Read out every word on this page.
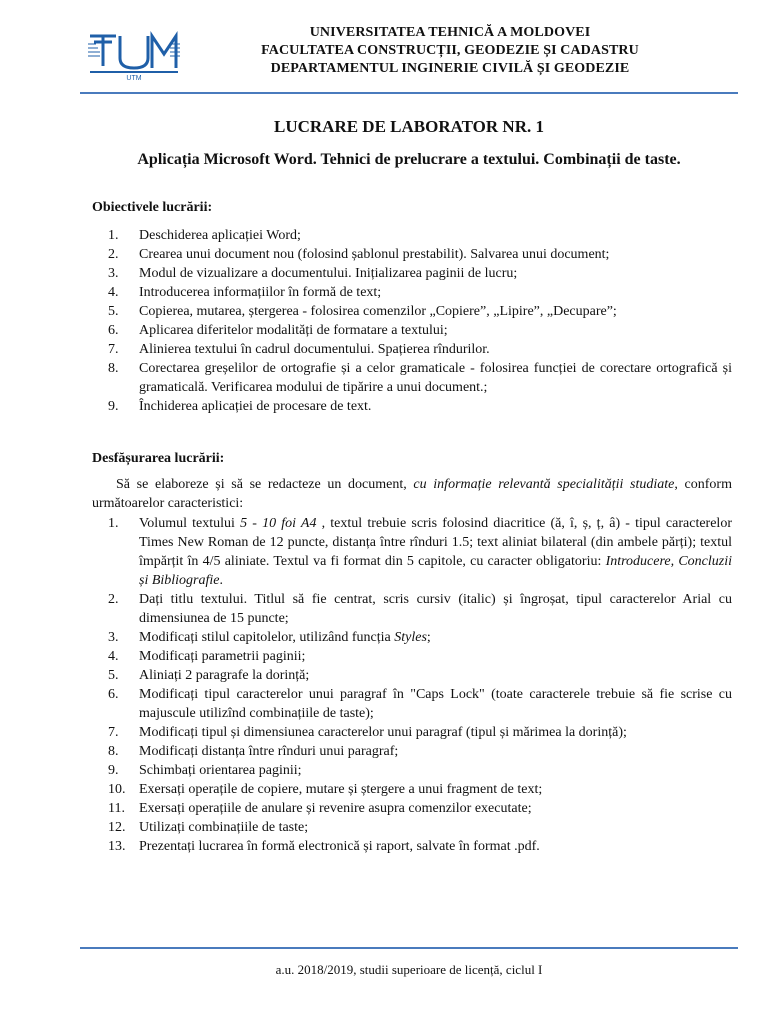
UTM
UNIVERSITATEA TEHNICĂ A MOLDOVEI
FACULTATEA CONSTRUCȚII, GEODEZIE ȘI CADASTRU
DEPARTAMENTUL INGINERIE CIVILĂ ȘI GEODEZIE
LUCRARE DE LABORATOR NR. 1
Aplicația Microsoft Word. Tehnici de prelucrare a textului. Combinații de taste.
Obiectivele lucrării:
1.	Deschiderea aplicației Word;
2.	Crearea unui document nou (folosind șablonul prestabilit). Salvarea unui document;
3.	Modul de vizualizare a documentului. Inițializarea paginii de lucru;
4.	Introducerea informațiilor în formă de text;
5.	Copierea, mutarea, ștergerea - folosirea comenzilor „Copiere”, „Lipire”, „Decupare”;
6.	Aplicarea diferitelor modalități de formatare a textului;
7.	Alinierea textului în cadrul documentului. Spațierea rîndurilor.
8.	Corectarea greșelilor de ortografie și a celor gramaticale - folosirea funcției de corectare ortografică și gramaticală. Verificarea modului de tipărire a unui document.;
9.	Închiderea aplicației de procesare de text.
Desfășurarea lucrării:

Să se elaboreze și să se redacteze un document, cu informație relevantă specialității studiate, conform următoarelor caracteristici:

1.	Volumul textului 5 - 10 foi A4 , textul trebuie scris folosind diacritice (ă, î, ș, ț, â) - tipul caracterelor Times New Roman de 12 puncte, distanța între rînduri 1.5; text aliniat bilateral (din ambele părți); textul împărțit în 4/5 aliniate. Textul va fi format din 5 capitole, cu caracter obligatoriu: Introducere, Concluzii și Bibliografie.
2.	Dați titlu textului. Titlul să fie centrat, scris cursiv (italic) și îngroșat, tipul caracterelor Arial cu dimensiunea de 15 puncte;
3.	Modificați stilul capitolelor, utilizând funcția Styles;
4.	Modificați parametrii paginii;
5.	Aliniați 2 paragrafe la dorință;
6.	Modificați tipul caracterelor unui paragraf în "Caps Lock" (toate caracterele trebuie să fie scrise cu majuscule utilizînd combinațiile de taste);
7.	Modificați tipul și dimensiunea caracterelor unui paragraf (tipul și mărimea la dorință);
8.	Modificați distanța între rînduri unui paragraf;
9.	Schimbați orientarea paginii;
10. Exersați operațile de copiere, mutare și ștergere a unui fragment de text;
11.	Exersați operațiile de anulare și revenire asupra comenzilor executate;
12. Utilizați combinațiile de taste;
13. Prezentați lucrarea în formă electronică și raport, salvate în format .pdf.
a.u. 2018/2019, studii superioare de licență, ciclul I
